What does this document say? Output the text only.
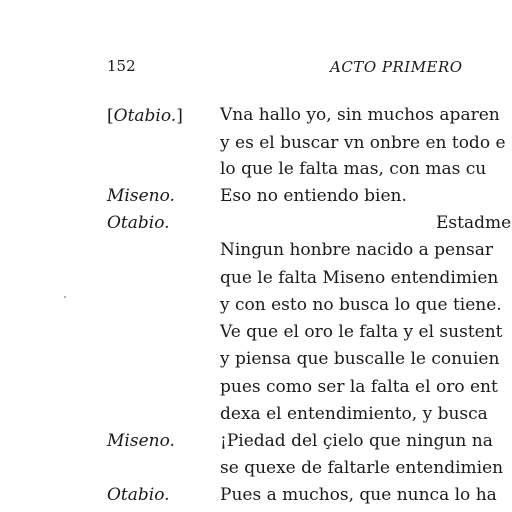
152	ACTO PRIMERO
[Otabio.]
Miseno.
Otabio.
Miseno.
Otabio.
Vna hallo yo, sin muchos aparen
y es el buscar vn onbre en todo e
lo que le falta mas, con mas cu
Eso no entiendo bien.
Estadme
Ningun honbre nacido a pensar
que le falta Miseno entendimien
y con esto no busca lo que tiene.
Ve que el oro le falta y el sustent
y piensa que buscalle le conuien
pues como ser la falta el oro ent
dexa el entendimiento, y busca
¡Piedad del çielo que ningun na
se quexe de faltarle entendimien
Pues a muchos, que nunca lo ha
